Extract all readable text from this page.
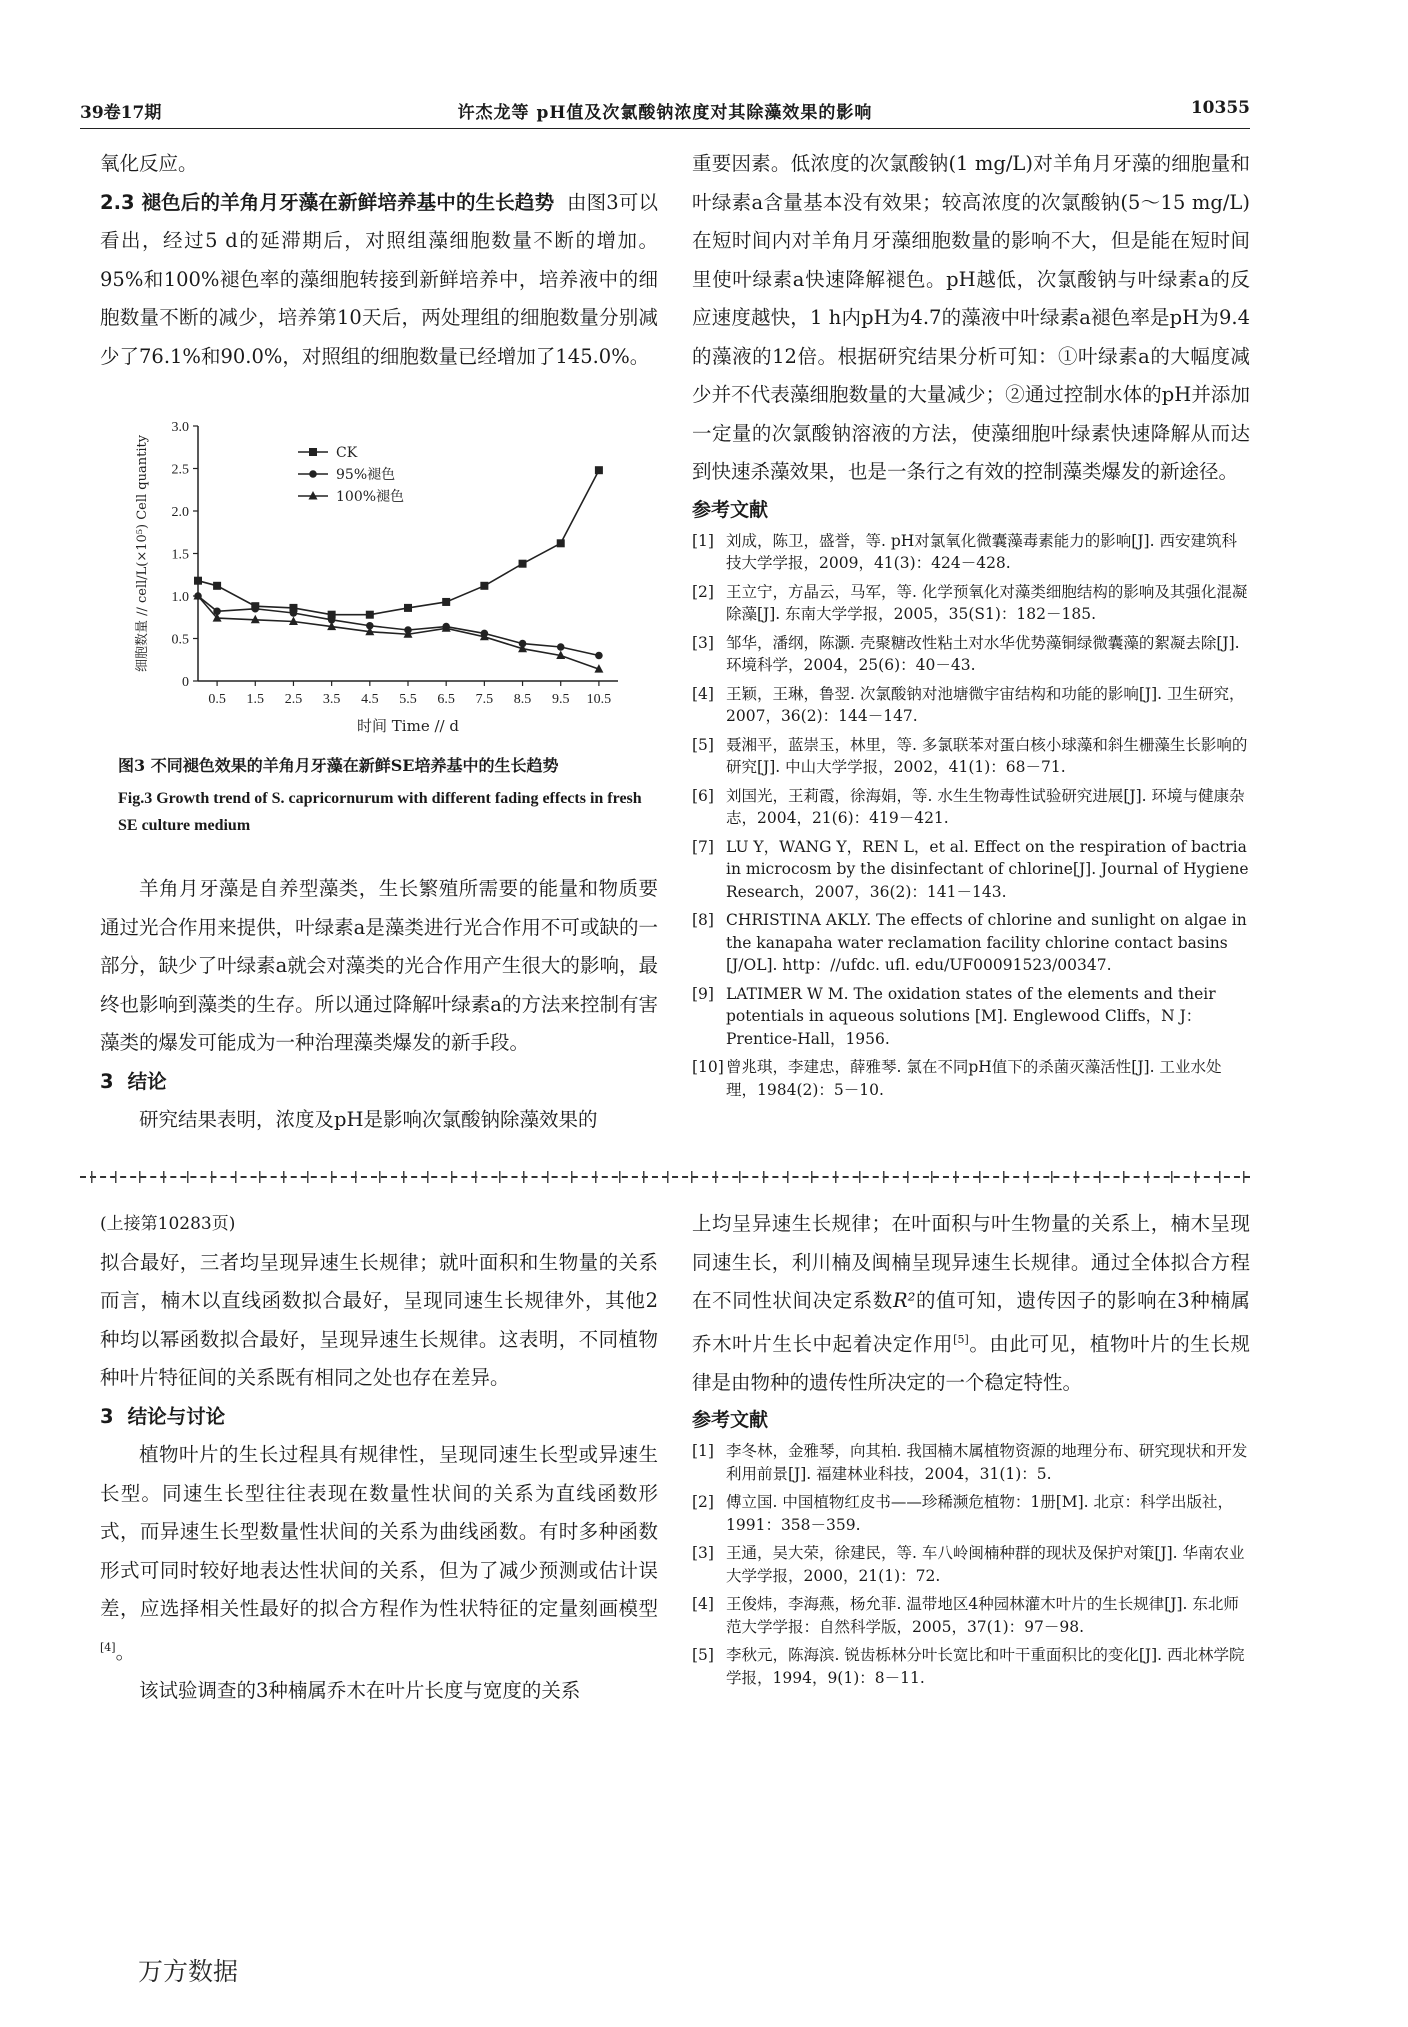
39卷17期	许杰龙等 pH值及次氯酸钠浓度对其除藻效果的影响	10355

氧化反应。

2.3 褪色后的羊角月牙藻在新鲜培养基中的生长趋势 由图3可以看出，经过5 d的延滞期后，对照组藻细胞数量不断的增加。95%和100%褪色率的藻细胞转接到新鲜培养中，培养液中的细胞数量不断的减少，培养第10天后，两处理组的细胞数量分别减少了76.1%和90.0%，对照组的细胞数量已经增加了145.0%。

0
0.5
1.0
1.5
2.0
2.5
3.0
0.5 1.5 2.5 3.5 4.5 5.5 6.5 7.5 8.5 9.5 10.5
时间 Time // d
细胞数量 // cell/L(×10⁵) Cell quantity	CK
95%褪色
100%褪色
图3 不同褪色效果的羊角月牙藻在新鲜SE培养基中的生长趋势
Fig.3 Growth trend of S. capricornurum with different fading effects in fresh SE culture medium

羊角月牙藻是自养型藻类，生长繁殖所需要的能量和物质要通过光合作用来提供，叶绿素a是藻类进行光合作用不可或缺的一部分，缺少了叶绿素a就会对藻类的光合作用产生很大的影响，最终也影响到藻类的生存。所以通过降解叶绿素a的方法来控制有害藻类的爆发可能成为一种治理藻类爆发的新手段。

3 结论

研究结果表明，浓度及pH是影响次氯酸钠除藻效果的

重要因素。低浓度的次氯酸钠(1 mg/L)对羊角月牙藻的细胞量和叶绿素a含量基本没有效果；较高浓度的次氯酸钠(5～15 mg/L)在短时间内对羊角月牙藻细胞数量的影响不大，但是能在短时间里使叶绿素a快速降解褪色。pH越低，次氯酸钠与叶绿素a的反应速度越快，1 h内pH为4.7的藻液中叶绿素a褪色率是pH为9.4的藻液的12倍。根据研究结果分析可知：①叶绿素a的大幅度减少并不代表藻细胞数量的大量减少；②通过控制水体的pH并添加一定量的次氯酸钠溶液的方法，使藻细胞叶绿素快速降解从而达到快速杀藻效果，也是一条行之有效的控制藻类爆发的新途径。

参考文献
[1] 刘成，陈卫，盛誉，等. pH对氯氧化微囊藻毒素能力的影响[J]. 西安建筑科技大学学报，2009，41(3)：424－428.
[2] 王立宁，方晶云，马军，等. 化学预氧化对藻类细胞结构的影响及其强化混凝除藻[J]. 东南大学学报，2005，35(S1)：182－185.
[3] 邹华，潘纲，陈灏. 壳聚糖改性粘土对水华优势藻铜绿微囊藻的絮凝去除[J]. 环境科学，2004，25(6)：40－43.
[4] 王颖，王琳，鲁翌. 次氯酸钠对池塘微宇宙结构和功能的影响[J]. 卫生研究，2007，36(2)：144－147.
[5] 聂湘平，蓝崇玉，林里，等. 多氯联苯对蛋白核小球藻和斜生栅藻生长影响的研究[J]. 中山大学学报，2002，41(1)：68－71.
[6] 刘国光，王莉霞，徐海娟，等. 水生生物毒性试验研究进展[J]. 环境与健康杂志，2004，21(6)：419－421.
[7] LU Y，WANG Y，REN L，et al. Effect on the respiration of bactria in microcosm by the disinfectant of chlorine[J]. Journal of Hygiene Research，2007，36(2)：141－143.
[8] CHRISTINA AKLY. The effects of chlorine and sunlight on algae in the kanapaha water reclamation facility chlorine contact basins [J/OL]. http：//ufdc. ufl. edu/UF00091523/00347.
[9] LATIMER W M. The oxidation states of the elements and their potentials in aqueous solutions [M]. Englewood Cliffs，N J：Prentice-Hall，1956.
[10] 曾兆琪，李建忠，薛雅琴. 氯在不同pH值下的杀菌灭藻活性[J]. 工业水处理，1984(2)：5－10.

(上接第10283页)

拟合最好，三者均呈现异速生长规律；就叶面积和生物量的关系而言，楠木以直线函数拟合最好，呈现同速生长规律外，其他2种均以幂函数拟合最好，呈现异速生长规律。这表明，不同植物种叶片特征间的关系既有相同之处也存在差异。

3 结论与讨论

植物叶片的生长过程具有规律性，呈现同速生长型或异速生长型。同速生长型往往表现在数量性状间的关系为直线函数形式，而异速生长型数量性状间的关系为曲线函数。有时多种函数形式可同时较好地表达性状间的关系，但为了减少预测或估计误差，应选择相关性最好的拟合方程作为性状特征的定量刻画模型[4]。

该试验调查的3种楠属乔木在叶片长度与宽度的关系

上均呈异速生长规律；在叶面积与叶生物量的关系上，楠木呈现同速生长，利川楠及闽楠呈现异速生长规律。通过全体拟合方程在不同性状间决定系数R²的值可知，遗传因子的影响在3种楠属乔木叶片生长中起着决定作用[5]。由此可见，植物叶片的生长规律是由物种的遗传性所决定的一个稳定特性。

参考文献
[1] 李冬林，金雅琴，向其柏. 我国楠木属植物资源的地理分布、研究现状和开发利用前景[J]. 福建林业科技，2004，31(1)：5.
[2] 傅立国. 中国植物红皮书——珍稀濒危植物：1册[M]. 北京：科学出版社，1991：358－359.
[3] 王通，吴大荣，徐建民，等. 车八岭闽楠种群的现状及保护对策[J]. 华南农业大学学报，2000，21(1)：72.
[4] 王俊炜，李海燕，杨允菲. 温带地区4种园林灌木叶片的生长规律[J]. 东北师范大学学报：自然科学版，2005，37(1)：97－98.
[5] 李秋元，陈海滨. 锐齿栎林分叶长宽比和叶干重面积比的变化[J]. 西北林学院学报，1994，9(1)：8－11.
万方数据
